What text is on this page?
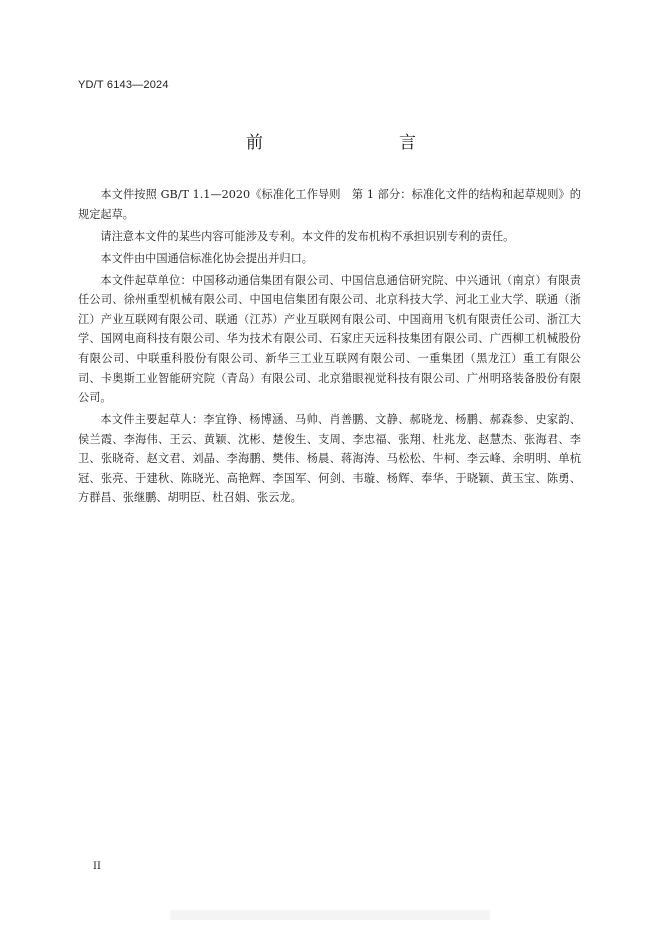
YD/T 6143—2024
前　　言

本文件按照 GB/T 1.1—2020《标准化工作导则　第 1 部分：标准化文件的结构和起草规则》的规定起草。

请注意本文件的某些内容可能涉及专利。本文件的发布机构不承担识别专利的责任。

本文件由中国通信标准化协会提出并归口。

本文件起草单位：中国移动通信集团有限公司、中国信息通信研究院、中兴通讯（南京）有限责任公司、徐州重型机械有限公司、中国电信集团有限公司、北京科技大学、河北工业大学、联通（浙江）产业互联网有限公司、联通（江苏）产业互联网有限公司、中国商用飞机有限责任公司、浙江大学、国网电商科技有限公司、华为技术有限公司、石家庄天远科技集团有限公司、广西柳工机械股份有限公司、中联重科股份有限公司、新华三工业互联网有限公司、一重集团（黑龙江）重工有限公司、卡奥斯工业智能研究院（青岛）有限公司、北京猎眼视觉科技有限公司、广州明珞装备股份有限公司。

本文件主要起草人：李宜铮、杨博涵、马帅、肖善鹏、文静、郝晓龙、杨鹏、郝森参、史家韵、侯兰霞、李海伟、王云、黄颖、沈彬、楚俊生、支周、李忠福、张翔、杜兆龙、赵慧杰、张海君、李卫、张晓奇、赵文君、刘晶、李海鹏、樊伟、杨晨、蒋海涛、马松松、牛柯、李云峰、余明明、单杭冠、张亮、于建秋、陈晓光、高艳辉、李国军、何剑、韦璇、杨辉、奉华、于晓颖、黄玉宝、陈勇、方群昌、张继鹏、胡明臣、杜召娟、张云龙。

II
